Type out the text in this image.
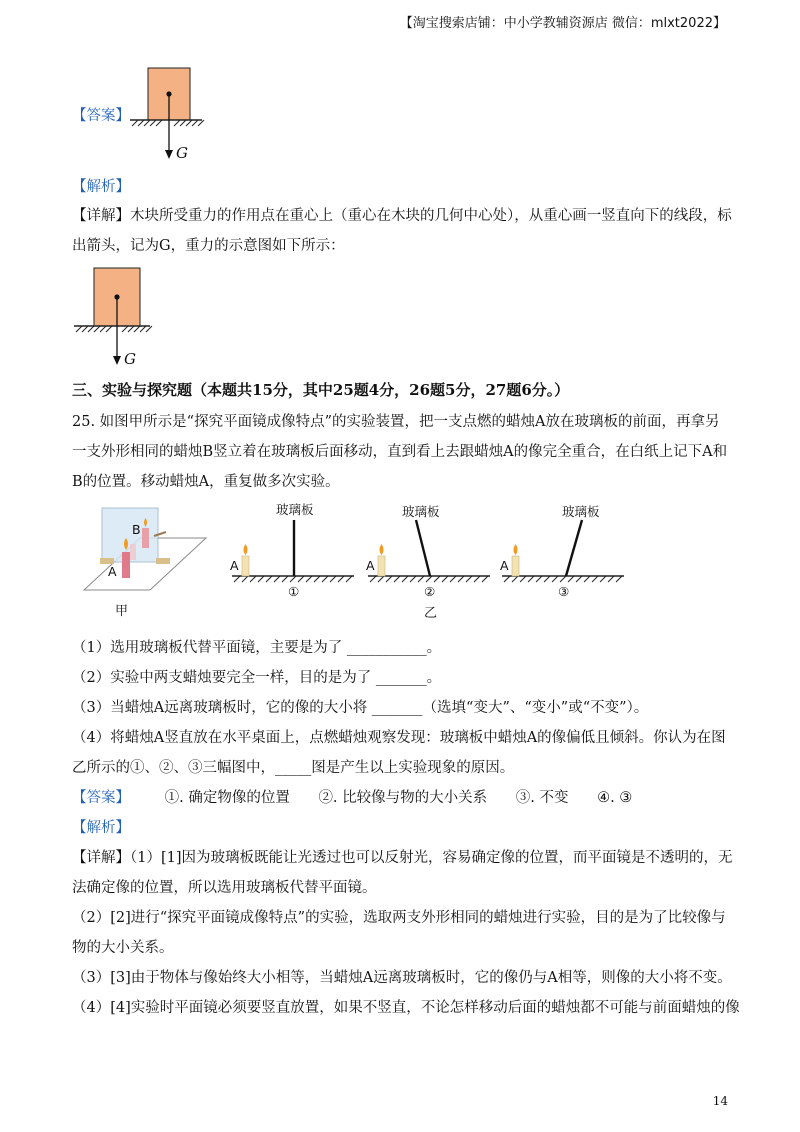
【淘宝搜索店铺：中小学教辅资源店 微信：mlxt2022】
【答案】
G
【解析】
【详解】木块所受重力的作用点在重心上（重心在木块的几何中心处），从重心画一竖直向下的线段，标
出箭头，记为G，重力的示意图如下所示：
G
三、实验与探究题（本题共15分，其中25题4分，26题5分，27题6分。）
25. 如图甲所示是“探究平面镜成像特点”的实验装置，把一支点燃的蜡烛A放在玻璃板的前面，再拿另
一支外形相同的蜡烛B竖立着在玻璃板后面移动，直到看上去跟蜡烛A的像完全重合，在白纸上记下A和
B的位置。移动蜡烛A，重复做多次实验。
B
A
甲
玻璃板
A
①
玻璃板
A
②
乙
玻璃板
A
③
（1）选用玻璃板代替平面镜，主要是为了 ___________。
（2）实验中两支蜡烛要完全一样，目的是为了 _______。
（3）当蜡烛A远离玻璃板时，它的像的大小将 _______（选填“变大”、“变小”或“不变”）。
（4）将蜡烛A竖直放在水平桌面上，点燃蜡烛观察发现：玻璃板中蜡烛A的像偏低且倾斜。你认为在图
乙所示的①、②、③三幅图中，_____图是产生以上实验现象的原因。
【答案】 ①. 确定物像的位置 ②. 比较像与物的大小关系 ③. 不变 ④. ③
【解析】
【详解】（1）[1]因为玻璃板既能让光透过也可以反射光，容易确定像的位置，而平面镜是不透明的，无
法确定像的位置，所以选用玻璃板代替平面镜。
（2）[2]进行“探究平面镜成像特点”的实验，选取两支外形相同的蜡烛进行实验，目的是为了比较像与
物的大小关系。
（3）[3]由于物体与像始终大小相等，当蜡烛A远离玻璃板时，它的像仍与A相等，则像的大小将不变。
（4）[4]实验时平面镜必须要竖直放置，如果不竖直，不论怎样移动后面的蜡烛都不可能与前面蜡烛的像
14
